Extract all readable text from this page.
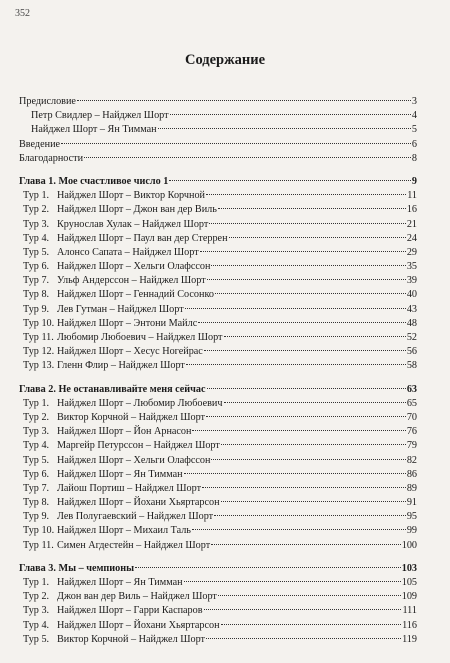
352
Содержание
Предисловие	3
Петр Свидлер – Найджел Шорт	4
Найджел Шорт – Ян Тимман	5
Введение	6
Благодарности	8
Глава 1. Мое счастливое число 1	9
Тур 1. Найджел Шорт – Виктор Корчной	11
Тур 2. Найджел Шорт – Джон ван дер Виль	16
Тур 3. Крунослав Хулак – Найджел Шорт	21
Тур 4. Найджел Шорт – Паул ван дер Стеррен	24
Тур 5. Алонсо Сапата – Найджел Шорт	29
Тур 6. Найджел Шорт – Хельги Олафссон	35
Тур 7. Ульф Андерссон – Найджел Шорт	39
Тур 8. Найджел Шорт – Геннадий Сосонко	40
Тур 9. Лев Гутман – Найджел Шорт	43
Тур 10. Найджел Шорт – Энтони Майлс	48
Тур 11. Любомир Любоевич – Найджел Шорт	52
Тур 12. Найджел Шорт – Хесус Ногейрас	56
Тур 13. Гленн Флир – Найджел Шорт	58
Глава 2. Не останавливайте меня сейчас	63
Тур 1. Найджел Шорт – Любомир Любоевич	65
Тур 2. Виктор Корчной – Найджел Шорт	70
Тур 3. Найджел Шорт – Йон Арнасон	76
Тур 4. Маргейр Петурссон – Найджел Шорт	79
Тур 5. Найджел Шорт – Хельги Олафссон	82
Тур 6. Найджел Шорт – Ян Тимман	86
Тур 7. Лайош Портиш – Найджел Шорт	89
Тур 8. Найджел Шорт – Йохани Хьяртарсон	91
Тур 9. Лев Полугаевский – Найджел Шорт	95
Тур 10. Найджел Шорт – Михаил Таль	99
Тур 11. Симен Агдестейн – Найджел Шорт	100
Глава 3. Мы – чемпионы	103
Тур 1. Найджел Шорт – Ян Тимман	105
Тур 2. Джон ван дер Виль – Найджел Шорт	109
Тур 3. Найджел Шорт – Гарри Каспаров	111
Тур 4. Найджел Шорт – Йохани Хьяртарсон	116
Тур 5. Виктор Корчной – Найджел Шорт	119
